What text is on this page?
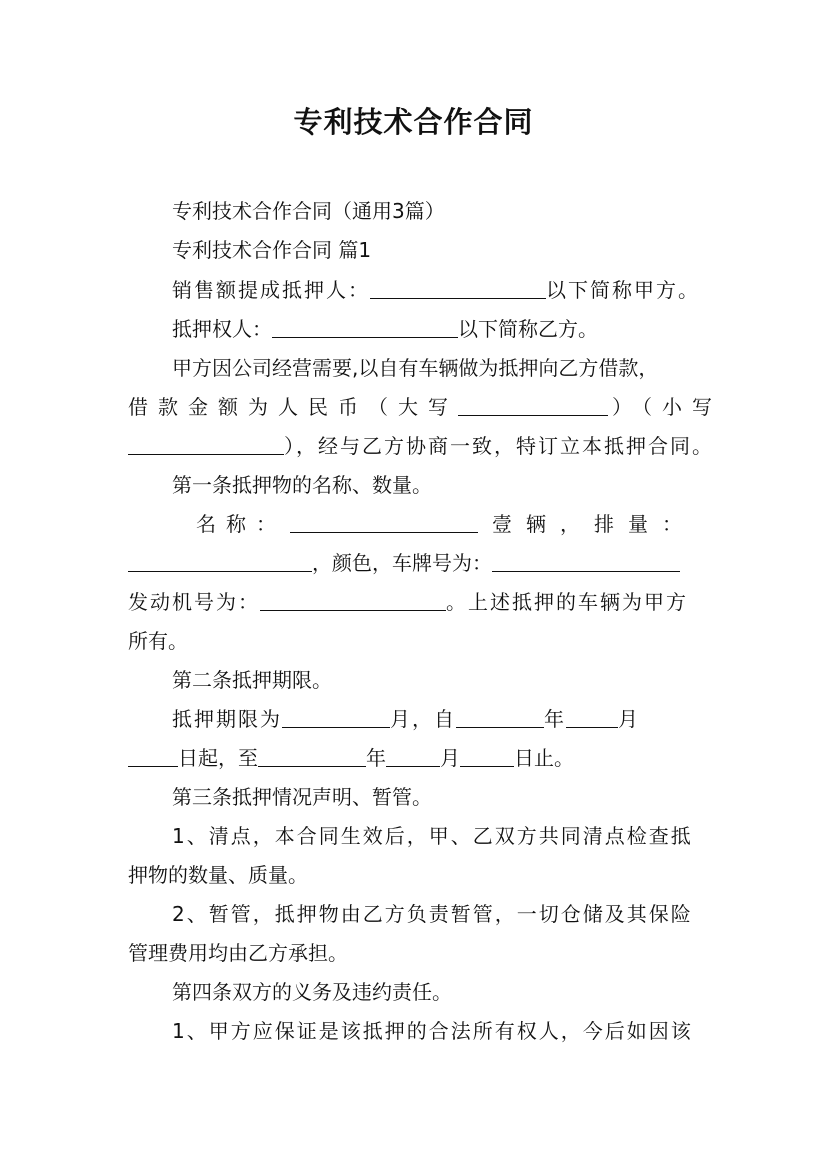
专利技术合作合同
专利技术合作合同（通用3篇）
专利技术合作合同 篇1
销售额提成抵押人：	以下简称甲方。
抵押权人：	以下简称乙方。
甲方因公司经营需要,以自有车辆做为抵押向乙方借款，
借款金额为人民币（大写	）（小写
），经与乙方协商一致，特订立本抵押合同。
第一条抵押物的名称、数量。
名称：	壹辆，排量：
，颜色，车牌号为：
发动机号为：	。上述抵押的车辆为甲方
所有。
第二条抵押期限。
抵押期限为	月，自	年	月
日起，至	年	月	日止。
第三条抵押情况声明、暂管。
1、清点，本合同生效后，甲、乙双方共同清点检查抵
押物的数量、质量。
2、暂管，抵押物由乙方负责暂管，一切仓储及其保险
管理费用均由乙方承担。
第四条双方的义务及违约责任。
1、甲方应保证是该抵押的合法所有权人，今后如因该
